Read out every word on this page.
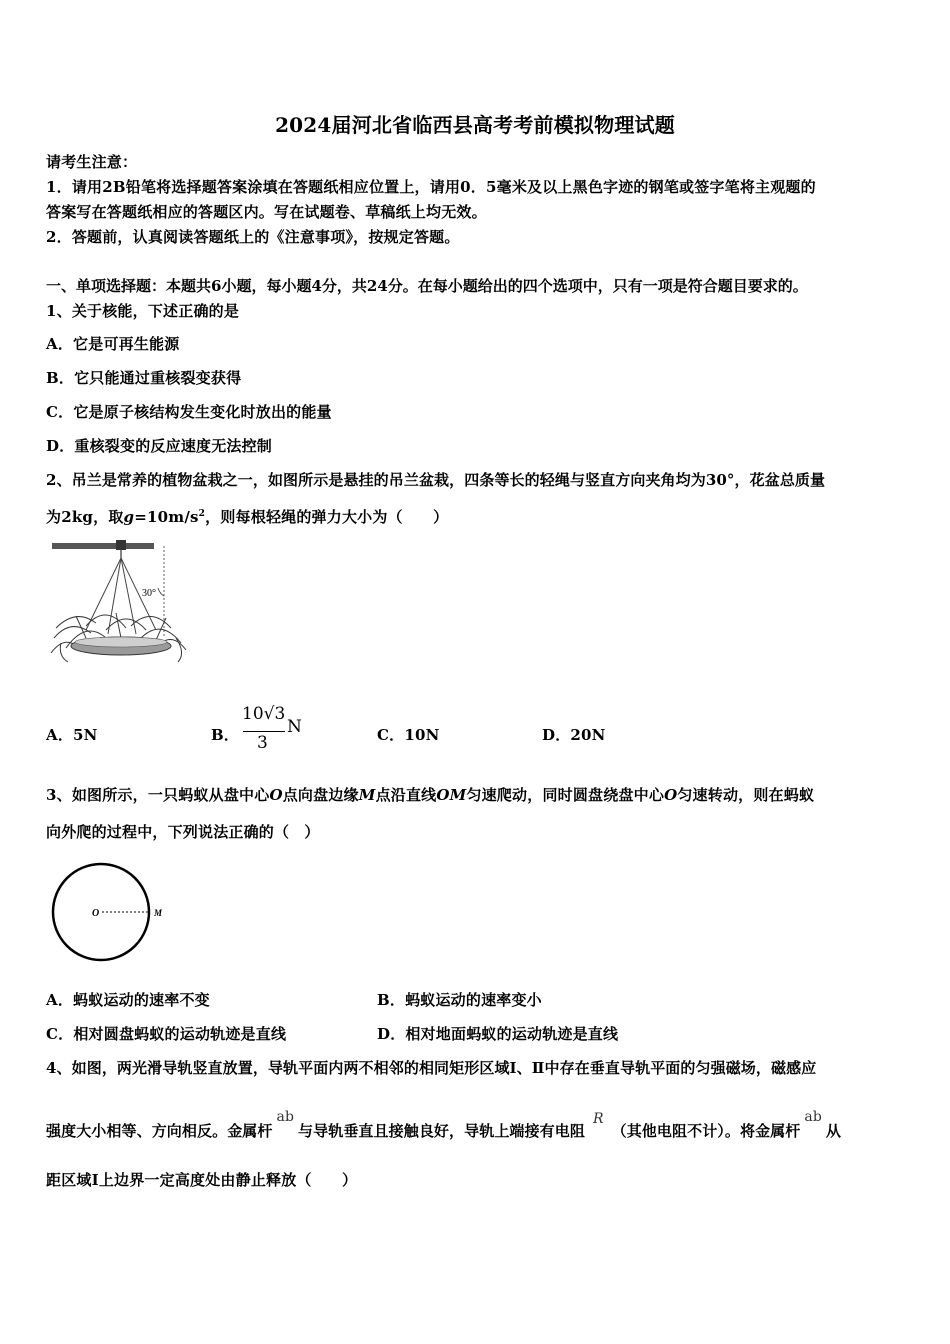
2024届河北省临西县高考考前模拟物理试题
请考生注意：
1．请用2B铅笔将选择题答案涂填在答题纸相应位置上，请用0．5毫米及以上黑色字迹的钢笔或签字笔将主观题的
答案写在答题纸相应的答题区内。写在试题卷、草稿纸上均无效。
2．答题前，认真阅读答题纸上的《注意事项》，按规定答题。
一、单项选择题：本题共6小题，每小题4分，共24分。在每小题给出的四个选项中，只有一项是符合题目要求的。
1、关于核能，下述正确的是
A．它是可再生能源
B．它只能通过重核裂变获得
C．它是原子核结构发生变化时放出的能量
D．重核裂变的反应速度无法控制
2、吊兰是常养的植物盆栽之一，如图所示是悬挂的吊兰盆栽，四条等长的轻绳与竖直方向夹角均为30°，花盆总质量
为2kg，取$g=10m/s^2$，则每根轻绳的弹力大小为（　　）
30°
A．5N	B．
10√3
3
N	C．10N	D．20N
3、如图所示，一只蚂蚁从盘中心O点向盘边缘M点沿直线OM匀速爬动，同时圆盘绕盘中心O匀速转动，则在蚂蚁
向外爬的过程中，下列说法正确的（　）
O	M
A．蚂蚁运动的速率不变	B．蚂蚁运动的速率变小
C．相对圆盘蚂蚁的运动轨迹是直线	D．相对地面蚂蚁的运动轨迹是直线
4、如图，两光滑导轨竖直放置，导轨平面内两不相邻的相同矩形区域Ⅰ、Ⅱ中存在垂直导轨平面的匀强磁场，磁感应
强度大小相等、方向相反。金属杆ab与导轨垂直且接触良好，导轨上端接有电阻R（其他电阻不计）。将金属杆ab从
距区域Ⅰ上边界一定高度处由静止释放（　　）
